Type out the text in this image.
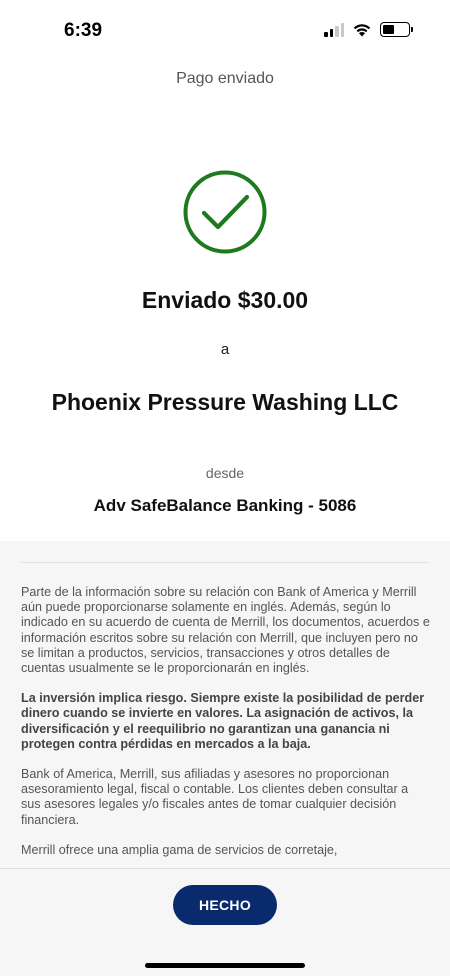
6:39
Pago enviado
Enviado $30.00
a
Phoenix Pressure Washing LLC
desde
Adv SafeBalance Banking - 5086

Parte de la información sobre su relación con Bank of America y Merrill aún puede proporcionarse solamente en inglés. Además, según lo indicado en su acuerdo de cuenta de Merrill, los documentos, acuerdos e información escritos sobre su relación con Merrill, que incluyen pero no se limitan a productos, servicios, transacciones y otros detalles de cuentas usualmente se le proporcionarán en inglés.

La inversión implica riesgo. Siempre existe la posibilidad de perder dinero cuando se invierte en valores. La asignación de activos, la diversificación y el reequilibrio no garantizan una ganancia ni protegen contra pérdidas en mercados a la baja.

Bank of America, Merrill, sus afiliadas y asesores no proporcionan asesoramiento legal, fiscal o contable. Los clientes deben consultar a sus asesores legales y/o fiscales antes de tomar cualquier decisión financiera.

Merrill ofrece una amplia gama de servicios de corretaje,

HECHO
